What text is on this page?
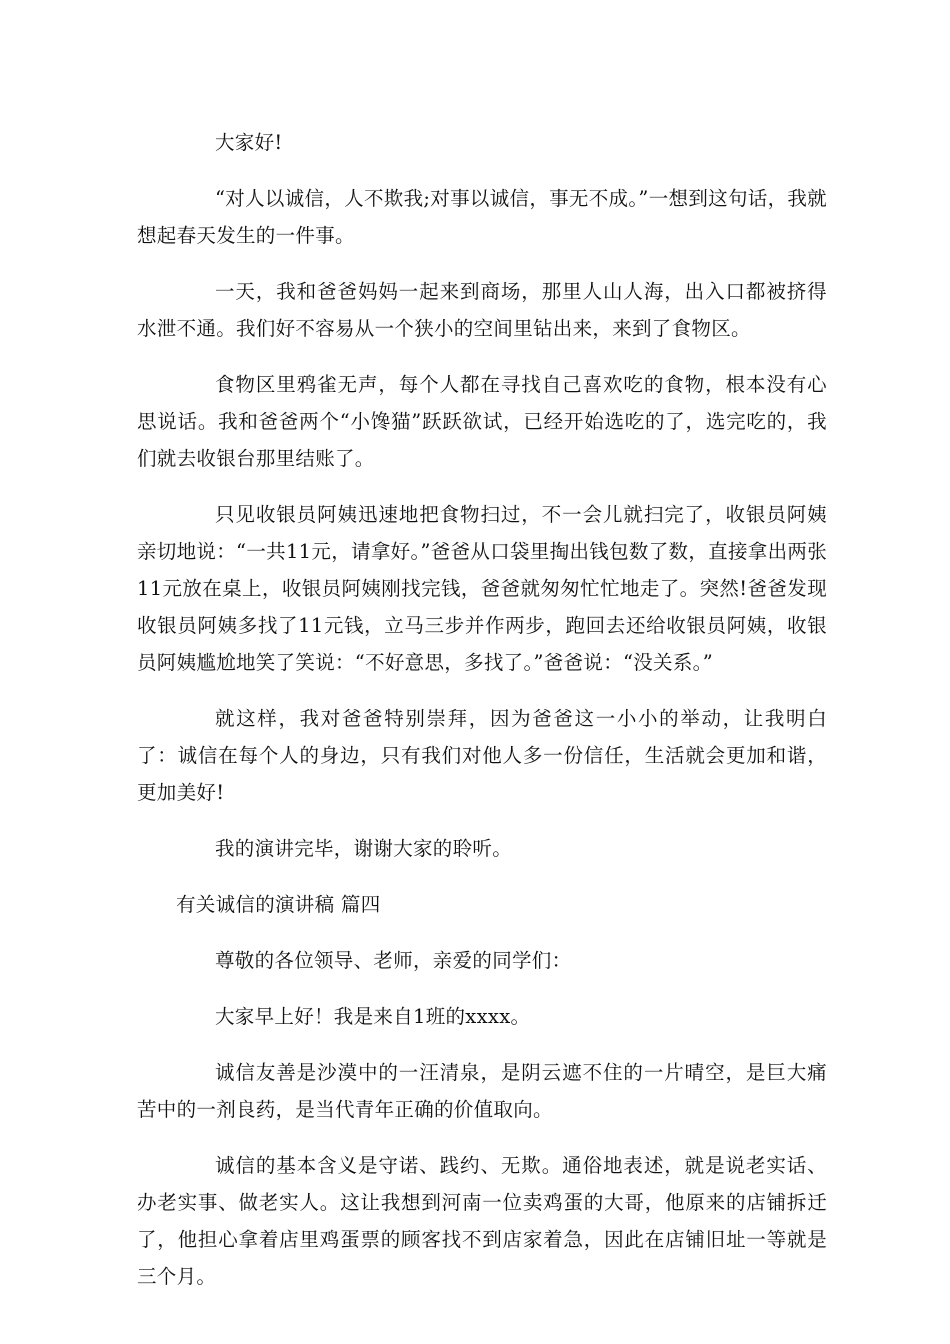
大家好!

“对人以诚信，人不欺我;对事以诚信，事无不成。”一想到这句话，我就想起春天发生的一件事。

一天，我和爸爸妈妈一起来到商场，那里人山人海，出入口都被挤得水泄不通。我们好不容易从一个狭小的空间里钻出来，来到了食物区。

食物区里鸦雀无声，每个人都在寻找自己喜欢吃的食物，根本没有心思说话。我和爸爸两个“小馋猫”跃跃欲试，已经开始选吃的了，选完吃的，我们就去收银台那里结账了。

只见收银员阿姨迅速地把食物扫过，不一会儿就扫完了，收银员阿姨亲切地说：“一共11元，请拿好。”爸爸从口袋里掏出钱包数了数，直接拿出两张11元放在桌上，收银员阿姨刚找完钱，爸爸就匆匆忙忙地走了。突然!爸爸发现收银员阿姨多找了11元钱，立马三步并作两步，跑回去还给收银员阿姨，收银员阿姨尴尬地笑了笑说：“不好意思，多找了。”爸爸说：“没关系。”

就这样，我对爸爸特别崇拜，因为爸爸这一小小的举动，让我明白了：诚信在每个人的身边，只有我们对他人多一份信任，生活就会更加和谐，更加美好!

我的演讲完毕，谢谢大家的聆听。

有关诚信的演讲稿 篇四

尊敬的各位领导、老师，亲爱的同学们：

大家早上好！我是来自1班的xxxx。

诚信友善是沙漠中的一汪清泉，是阴云遮不住的一片晴空，是巨大痛苦中的一剂良药，是当代青年正确的价值取向。

诚信的基本含义是守诺、践约、无欺。通俗地表述，就是说老实话、办老实事、做老实人。这让我想到河南一位卖鸡蛋的大哥，他原来的店铺拆迁了，他担心拿着店里鸡蛋票的顾客找不到店家着急，因此在店铺旧址一等就是三个月。
